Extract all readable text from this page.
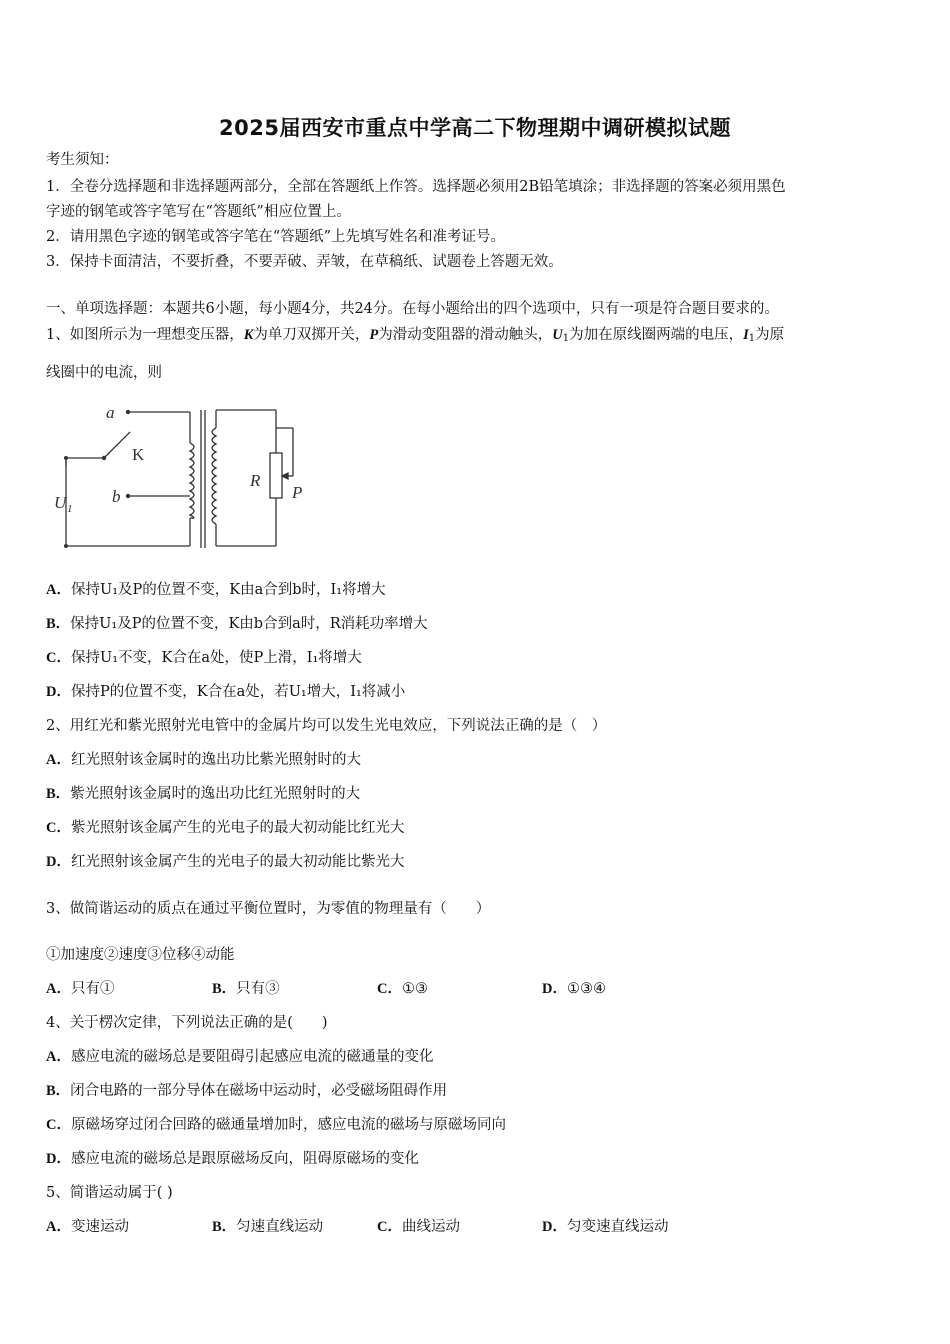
2025届西安市重点中学高二下物理期中调研模拟试题
考生须知：
1．全卷分选择题和非选择题两部分，全部在答题纸上作答。选择题必须用2B铅笔填涂；非选择题的答案必须用黑色
字迹的钢笔或答字笔写在“答题纸”相应位置上。
2．请用黑色字迹的钢笔或答字笔在“答题纸”上先填写姓名和准考证号。
3．保持卡面清洁，不要折叠，不要弄破、弄皱，在草稿纸、试题卷上答题无效。
一、单项选择题：本题共6小题，每小题4分，共24分。在每小题给出的四个选项中，只有一项是符合题目要求的。
1、如图所示为一理想变压器，K为单刀双掷开关，P为滑动变阻器的滑动触头，$U_1$为加在原线圈两端的电压，$I_1$为原
线圈中的电流，则
a
b
K
U 1
R
P
A．保持U₁及P的位置不变，K由a合到b时，I₁将增大
B．保持U₁及P的位置不变，K由b合到a时，R消耗功率增大
C．保持U₁不变，K合在a处，使P上滑，I₁将增大
D．保持P的位置不变，K合在a处，若U₁增大，I₁将减小
2、用红光和紫光照射光电管中的金属片均可以发生光电效应，下列说法正确的是（　）
A．红光照射该金属时的逸出功比紫光照射时的大
B．紫光照射该金属时的逸出功比红光照射时的大
C．紫光照射该金属产生的光电子的最大初动能比红光大
D．红光照射该金属产生的光电子的最大初动能比紫光大
3、做简谐运动的质点在通过平衡位置时，为零值的物理量有（　　）
①加速度②速度③位移④动能
A．只有①	B．只有③	C．①③	D．①③④
4、关于楞次定律，下列说法正确的是(　　)
A．感应电流的磁场总是要阻碍引起感应电流的磁通量的变化
B．闭合电路的一部分导体在磁场中运动时，必受磁场阻碍作用
C．原磁场穿过闭合回路的磁通量增加时，感应电流的磁场与原磁场同向
D．感应电流的磁场总是跟原磁场反向，阻碍原磁场的变化
5、简谐运动属于( )
A．变速运动	B．匀速直线运动	C．曲线运动	D．匀变速直线运动
